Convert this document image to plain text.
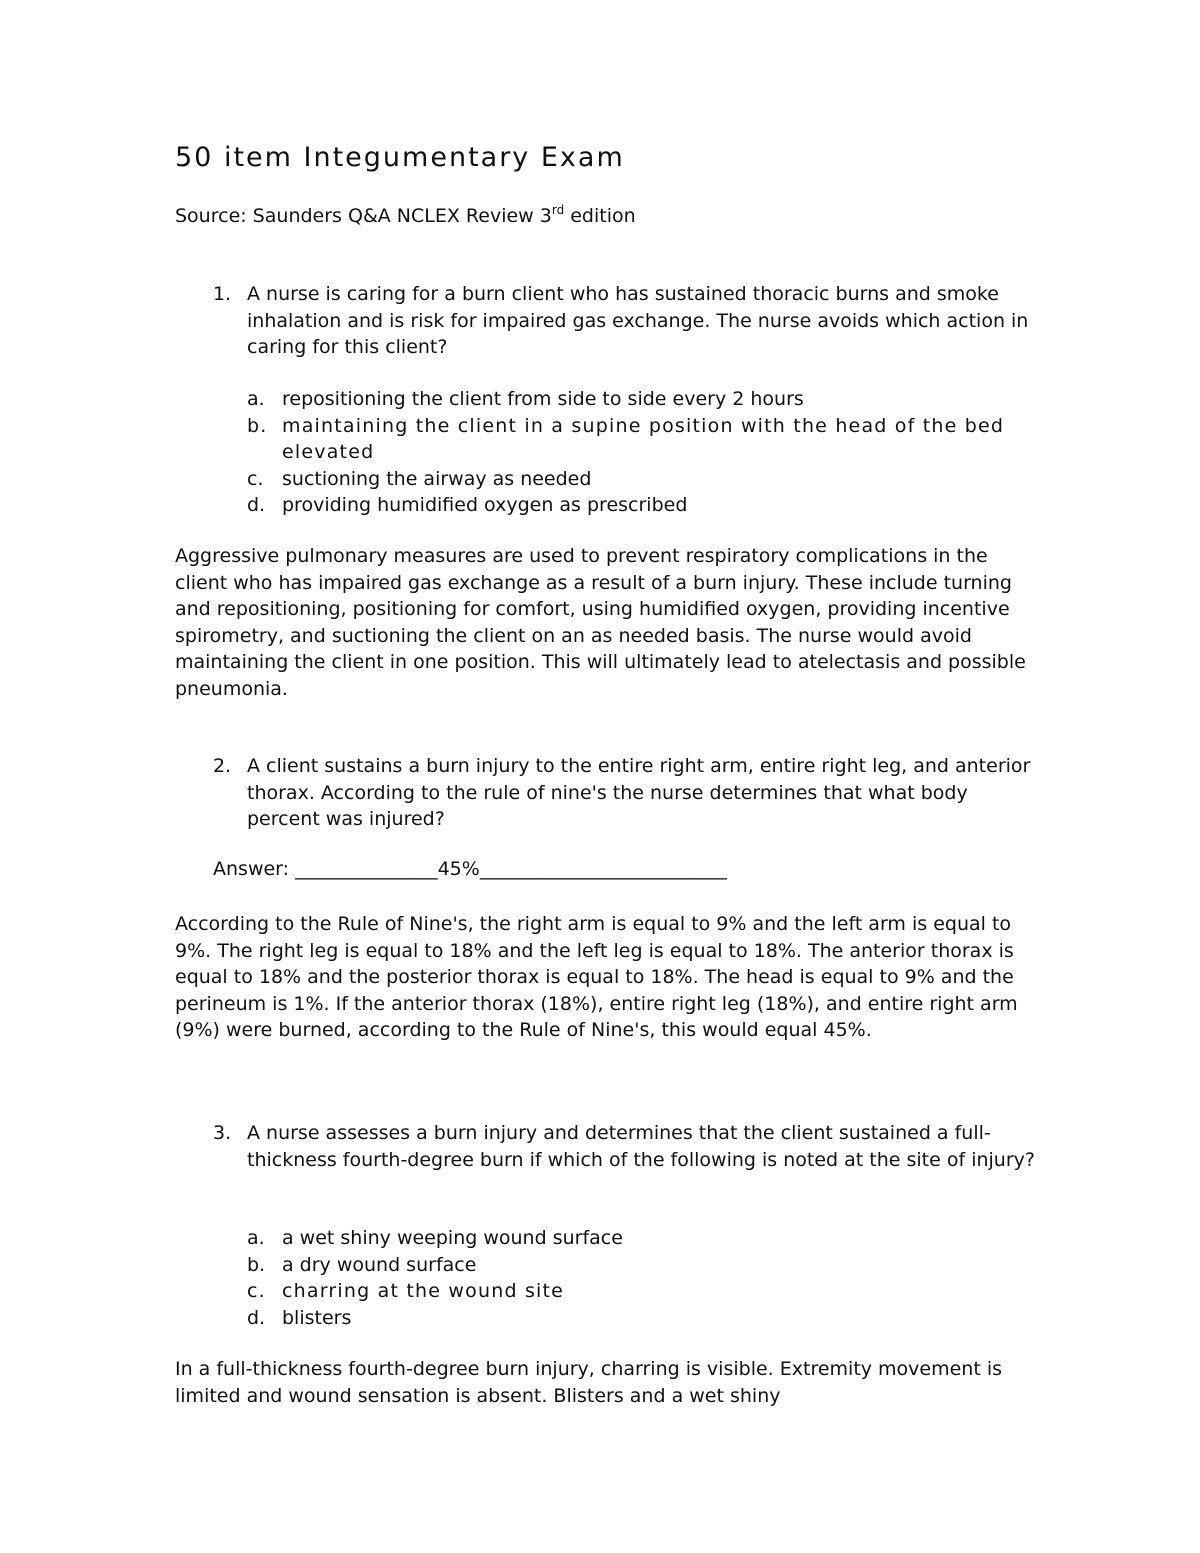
50 item Integumentary Exam
Source: Saunders Q&A NCLEX Review 3rd edition
1. A nurse is caring for a burn client who has sustained thoracic burns and smoke inhalation and is risk for impaired gas exchange. The nurse avoids which action in caring for this client?
a. repositioning the client from side to side every 2 hours
b. maintaining the client in a supine position with the head of the bed elevated
c. suctioning the airway as needed
d. providing humidified oxygen as prescribed
Aggressive pulmonary measures are used to prevent respiratory complications in the client who has impaired gas exchange as a result of a burn injury. These include turning and repositioning, positioning for comfort, using humidified oxygen, providing incentive spirometry, and suctioning the client on an as needed basis. The nurse would avoid maintaining the client in one position. This will ultimately lead to atelectasis and possible pneumonia.
2. A client sustains a burn injury to the entire right arm, entire right leg, and anterior thorax. According to the rule of nine's the nurse determines that what body percent was injured?
Answer: _______________45%__________________________
According to the Rule of Nine's, the right arm is equal to 9% and the left arm is equal to 9%. The right leg is equal to 18% and the left leg is equal to 18%. The anterior thorax is equal to 18% and the posterior thorax is equal to 18%. The head is equal to 9% and the perineum is 1%. If the anterior thorax (18%), entire right leg (18%), and entire right arm (9%) were burned, according to the Rule of Nine's, this would equal 45%.
3. A nurse assesses a burn injury and determines that the client sustained a full-thickness fourth-degree burn if which of the following is noted at the site of injury?
a. a wet shiny weeping wound surface
b. a dry wound surface
c. charring at the wound site
d. blisters
In a full-thickness fourth-degree burn injury, charring is visible. Extremity movement is limited and wound sensation is absent. Blisters and a wet shiny
